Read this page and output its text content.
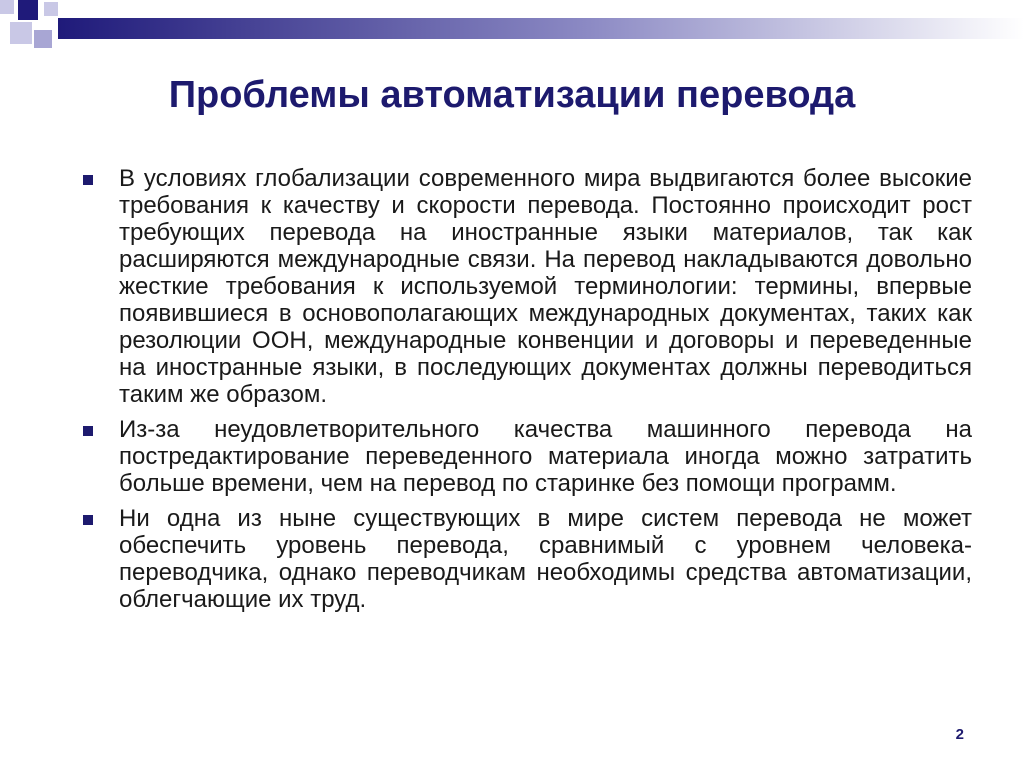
Проблемы автоматизации перевода
В условиях глобализации современного мира выдвигаются более высокие требования к качеству и скорости перевода. Постоянно происходит рост требующих перевода на иностранные языки материалов, так как расширяются международные связи. На перевод накладываются довольно жесткие требования к используемой терминологии: термины, впервые появившиеся в основополагающих международных документах, таких как резолюции ООН, международные конвенции и договоры и переведенные на иностранные языки, в последующих документах должны переводиться таким же образом.
Из-за неудовлетворительного качества машинного перевода на постредактирование переведенного материала иногда можно затратить больше времени, чем на перевод по старинке без помощи программ.
Ни одна из ныне существующих в мире систем перевода не может обеспечить уровень перевода, сравнимый с уровнем человека-переводчика, однако переводчикам необходимы средства автоматизации, облегчающие их труд.
2
